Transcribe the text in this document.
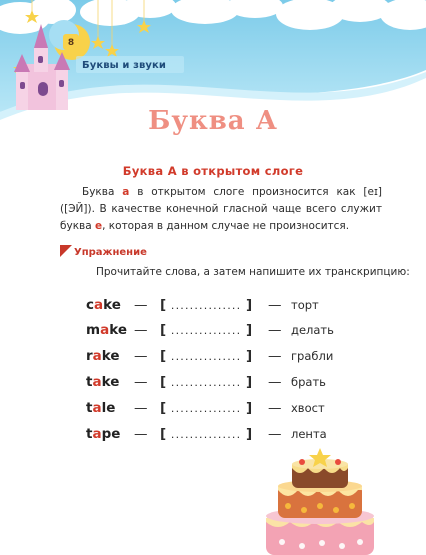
8
Буквы и звуки
Буква А
Буква А в открытом слоге
Буква a в открытом слоге произносится как [eɪ] ([ЭЙ]). В качестве конечной гласной чаще всего служит буква e, которая в данном случае не произносится.
Упражнение
Прочитайте слова, а затем напишите их транскрипцию:
cake — [ ............... ] — торт
make — [ ............... ] — делать
rake — [ ............... ] — грабли
take — [ ............... ] — брать
tale — [ ............... ] — хвост
tape — [ ............... ] — лента
